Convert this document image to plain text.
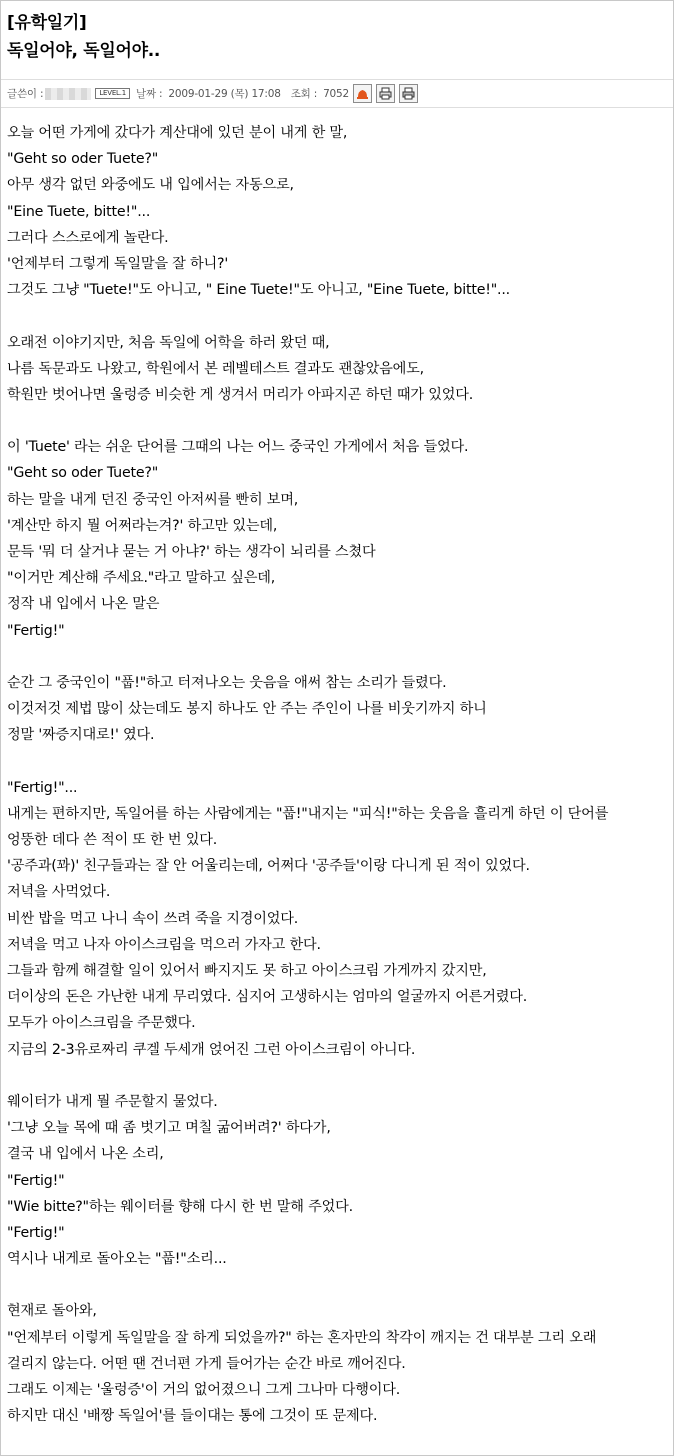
[유학일기]
독일어야, 독일어야..
글쓴이 :	LEVEL.1 날짜 : 2009-01-29 (목) 17:08 조회 : 7052
오늘 어떤 가게에 갔다가 계산대에 있던 분이 내게 한 말,
"Geht so oder Tuete?"
아무 생각 없던 와중에도 내 입에서는 자동으로,
"Eine Tuete, bitte!"...
그러다 스스로에게 놀란다.
'언제부터 그렇게 독일말을 잘 하니?'
그것도 그냥 "Tuete!"도 아니고, " Eine Tuete!"도 아니고, "Eine Tuete, bitte!"...
오래전 이야기지만, 처음 독일에 어학을 하러 왔던 때,
나름 독문과도 나왔고, 학원에서 본 레벨테스트 결과도 괜찮았음에도,
학원만 벗어나면 울렁증 비슷한 게 생겨서 머리가 아파지곤 하던 때가 있었다.
이 'Tuete' 라는 쉬운 단어를 그때의 나는 어느 중국인 가게에서 처음 들었다.
"Geht so oder Tuete?"
하는 말을 내게 던진 중국인 아저씨를 빤히 보며,
'계산만 하지 뭘 어쩌라는겨?' 하고만 있는데,
문득 '뭐 더 살거냐 묻는 거 아냐?' 하는 생각이 뇌리를 스쳤다
"이거만 계산해 주세요."라고 말하고 싶은데,
정작 내 입에서 나온 말은
"Fertig!"
순간 그 중국인이 "풉!"하고 터져나오는 웃음을 애써 참는 소리가 들렸다.
이것저것 제법 많이 샀는데도 봉지 하나도 안 주는 주인이 나를 비웃기까지 하니
정말 '짜증지대로!' 였다.
"Fertig!"...
내게는 편하지만, 독일어를 하는 사람에게는 "풉!"내지는 "피식!"하는 웃음을 흘리게 하던 이 단어를
엉뚱한 데다 쓴 적이 또 한 번 있다.
'공주과(꽈)' 친구들과는 잘 안 어울리는데, 어쩌다 '공주들'이랑 다니게 된 적이 있었다.
저녁을 사먹었다.
비싼 밥을 먹고 나니 속이 쓰려 죽을 지경이었다.
저녁을 먹고 나자 아이스크림을 먹으러 가자고 한다.
그들과 함께 해결할 일이 있어서 빠지지도 못 하고 아이스크림 가게까지 갔지만,
더이상의 돈은 가난한 내게 무리였다. 심지어 고생하시는 엄마의 얼굴까지 어른거렸다.
모두가 아이스크림을 주문했다.
지금의 2-3유로짜리 쿠겔 두세개 얹어진 그런 아이스크림이 아니다.
웨이터가 내게 뭘 주문할지 물었다.
'그냥 오늘 목에 때 좀 벗기고 며칠 굶어버려?' 하다가,
결국 내 입에서 나온 소리,
"Fertig!"
"Wie bitte?"하는 웨이터를 향해 다시 한 번 말해 주었다.
"Fertig!"
역시나 내게로 돌아오는 "풉!"소리...
현재로 돌아와,
"언제부터 이렇게 독일말을 잘 하게 되었을까?" 하는 혼자만의 착각이 깨지는 건 대부분 그리 오래
걸리지 않는다. 어떤 땐 건너편 가게 들어가는 순간 바로 깨어진다.
그래도 이제는 '울렁증'이 거의 없어졌으니 그게 그나마 다행이다.
하지만 대신 '배짱 독일어'를 들이대는 통에 그것이 또 문제다.
